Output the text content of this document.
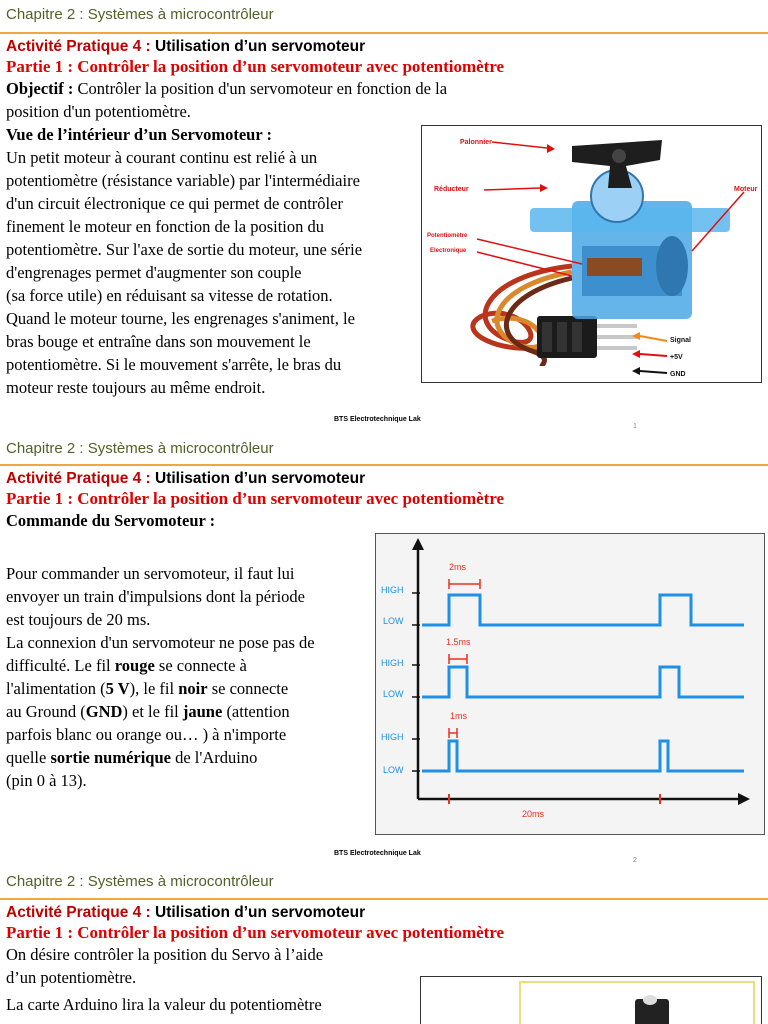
Chapitre 2 : Systèmes à microcontrôleur
Activité Pratique 4 : Utilisation d’un servomoteur
Partie 1 : Contrôler la position d’un servomoteur avec potentiomètre
Objectif : Contrôler la position d'un servomoteur en fonction de la
position d'un potentiomètre.
Vue de l’intérieur d’un Servomoteur :
Un petit moteur à courant continu est relié à un
potentiomètre (résistance variable) par l'intermédiaire
d'un circuit électronique ce qui permet de contrôler
finement le moteur en fonction de la position du
potentiomètre. Sur l'axe de sortie du moteur, une série
d'engrenages permet d'augmenter son couple
(sa force utile) en réduisant sa vitesse de rotation.
Quand le moteur tourne, les engrenages s'animent, le
bras bouge et entraîne dans son mouvement le
potentiomètre. Si le mouvement s'arrête, le bras du
moteur reste toujours au même endroit.
Palonnier
Réducteur	Moteur
Potentiomètre
Electronique
Signal
+5V
GND
BTS Electrotechnique Lak
1
Chapitre 2 : Systèmes à microcontrôleur
Activité Pratique 4 : Utilisation d’un servomoteur
Partie 1 : Contrôler la position d’un servomoteur avec potentiomètre
Commande du Servomoteur :
Pour commander un servomoteur, il faut lui
envoyer un train d'impulsions dont la période
est toujours de 20 ms.
La connexion d'un servomoteur ne pose pas de
difficulté. Le fil rouge se connecte à
l'alimentation (5 V), le fil noir se connecte
au Ground (GND) et le fil jaune (attention
parfois blanc ou orange ou… ) à n'importe
quelle sortie numérique de l'Arduino
(pin 0 à 13).
HIGH
LOW
HIGH
LOW
HIGH
LOW
2ms
1.5ms
1ms
20ms
BTS Electrotechnique Lak
2
Chapitre 2 : Systèmes à microcontrôleur
Activité Pratique 4 : Utilisation d’un servomoteur
Partie 1 : Contrôler la position d’un servomoteur avec potentiomètre
On désire contrôler la position du Servo à l’aide
d’un potentiomètre.
La carte Arduino lira la valeur du potentiomètre
